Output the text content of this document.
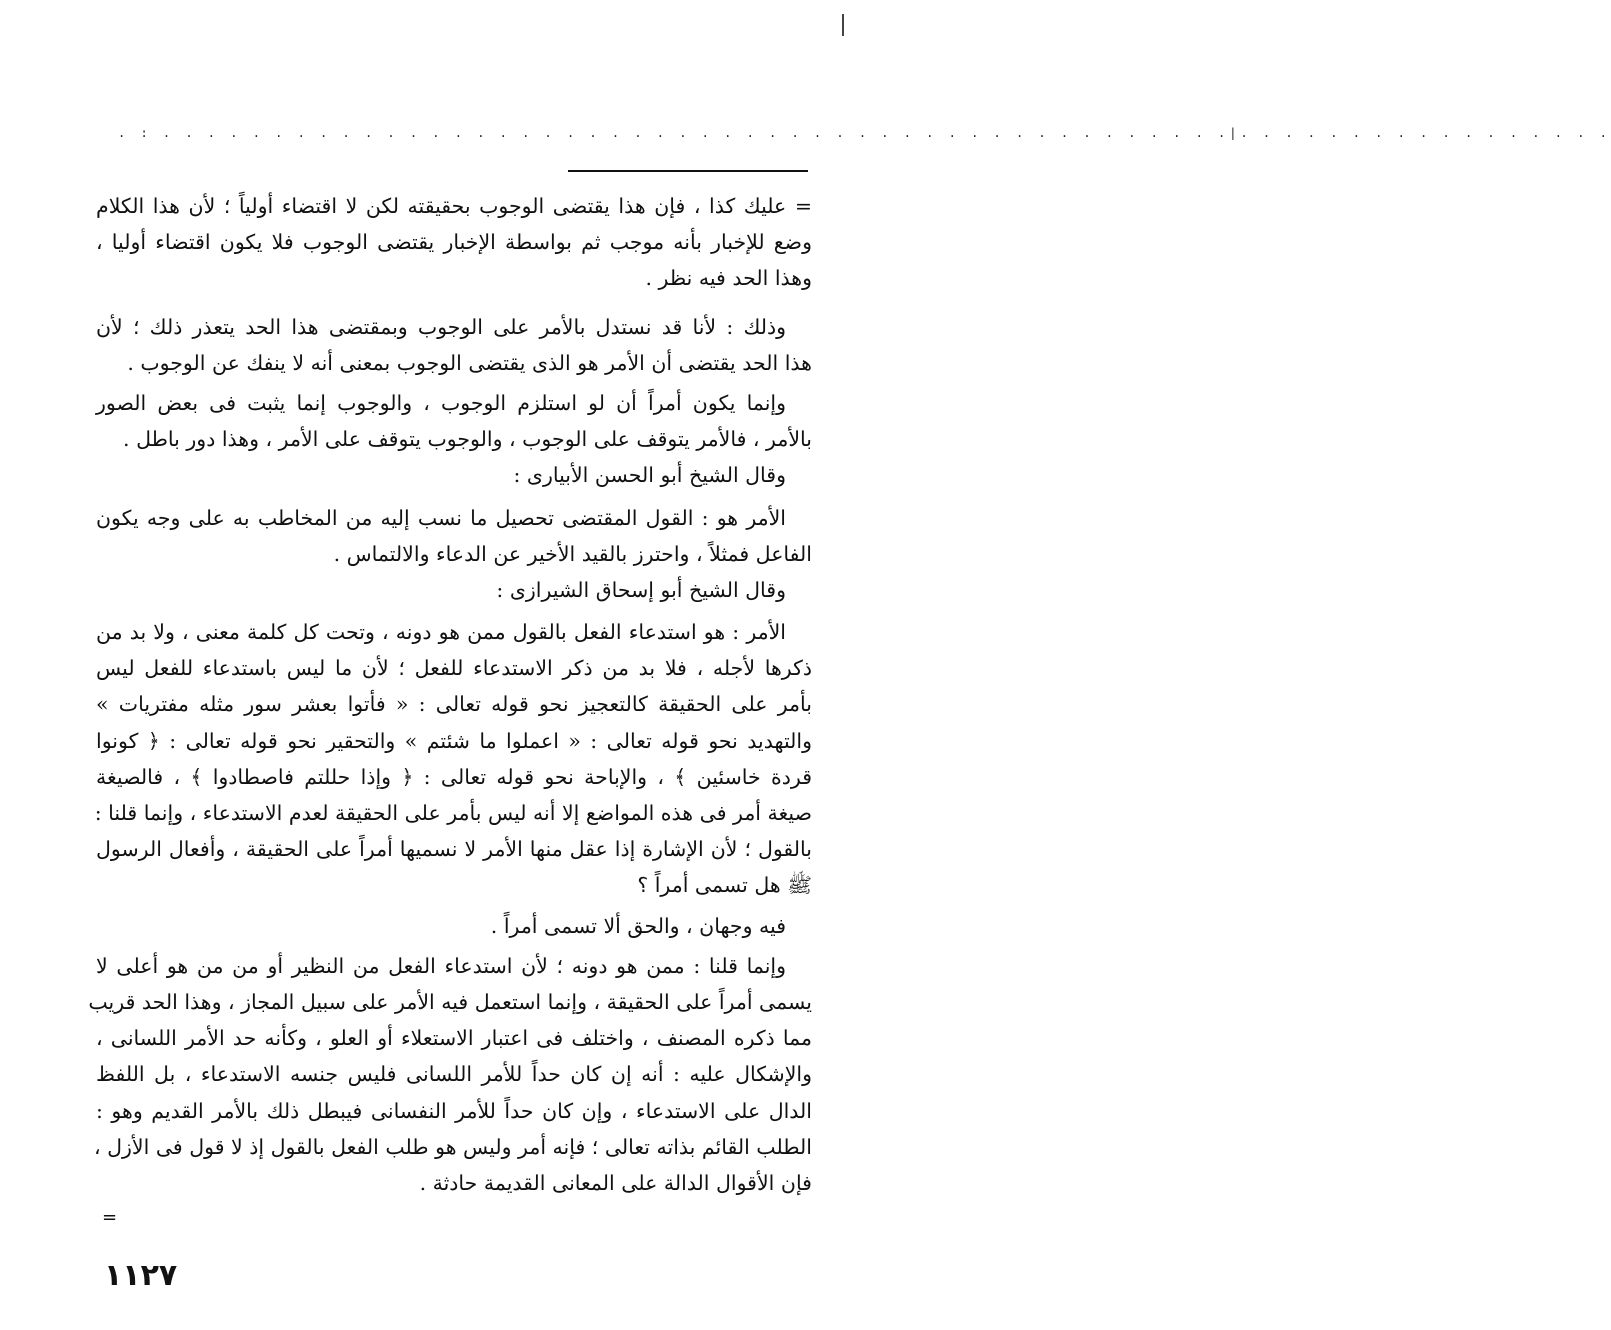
. : . . . . . . . . . . . . . . . . . . . . . . . . . . . . . . . . . . . . . . . . . . . . . . . .|. . . . . . . . . . . . . . . . .
= عليك كذا ، فإن هذا يقتضى الوجوب بحقيقته لكن لا اقتضاء أولياً ؛ لأن هذا الكلام
وضع للإخبار بأنه موجب ثم بواسطة الإخبار يقتضى الوجوب فلا يكون اقتضاء أوليا ،
وهذا الحد فيه نظر .
وذلك : لأنا قد نستدل بالأمر على الوجوب وبمقتضى هذا الحد يتعذر ذلك ؛ لأن
هذا الحد يقتضى أن الأمر هو الذى يقتضى الوجوب بمعنى أنه لا ينفك عن الوجوب .
وإنما يكون أمراً أن لو استلزم الوجوب ، والوجوب إنما يثبت فى بعض الصور
بالأمر ، فالأمر يتوقف على الوجوب ، والوجوب يتوقف على الأمر ، وهذا دور باطل .
وقال الشيخ أبو الحسن الأبيارى :
الأمر هو : القول المقتضى تحصيل ما نسب إليه من المخاطب به على وجه يكون
الفاعل فمثلاً ، واحترز بالقيد الأخير عن الدعاء والالتماس .
وقال الشيخ أبو إسحاق الشيرازى :
الأمر : هو استدعاء الفعل بالقول ممن هو دونه ، وتحت كل كلمة معنى ، ولا بد من
ذكرها لأجله ، فلا بد من ذكر الاستدعاء للفعل ؛ لأن ما ليس باستدعاء للفعل ليس
بأمر على الحقيقة كالتعجيز نحو قوله تعالى : « فأتوا بعشر سور مثله مفتريات »
والتهديد نحو قوله تعالى : « اعملوا ما شئتم » والتحقير نحو قوله تعالى : ﴿ كونوا
قردة خاسئين ﴾ ، والإباحة نحو قوله تعالى : ﴿ وإذا حللتم فاصطادوا ﴾ ، فالصيغة
صيغة أمر فى هذه المواضع إلا أنه ليس بأمر على الحقيقة لعدم الاستدعاء ، وإنما قلنا :
بالقول ؛ لأن الإشارة إذا عقل منها الأمر لا نسميها أمراً على الحقيقة ، وأفعال الرسول
ﷺ هل تسمى أمراً ؟
فيه وجهان ، والحق ألا تسمى أمراً .
وإنما قلنا : ممن هو دونه ؛ لأن استدعاء الفعل من النظير أو من من هو أعلى لا
يسمى أمراً على الحقيقة ، وإنما استعمل فيه الأمر على سبيل المجاز ، وهذا الحد قريب
مما ذكره المصنف ، واختلف فى اعتبار الاستعلاء أو العلو ، وكأنه حد الأمر اللسانى ،
والإشكال عليه : أنه إن كان حداً للأمر اللسانى فليس جنسه الاستدعاء ، بل اللفظ
الدال على الاستدعاء ، وإن كان حداً للأمر النفسانى فيبطل ذلك بالأمر القديم وهو :
الطلب القائم بذاته تعالى ؛ فإنه أمر وليس هو طلب الفعل بالقول إذ لا قول فى الأزل ،
فإن الأقوال الدالة على المعانى القديمة حادثة .
=
١١٢٧
